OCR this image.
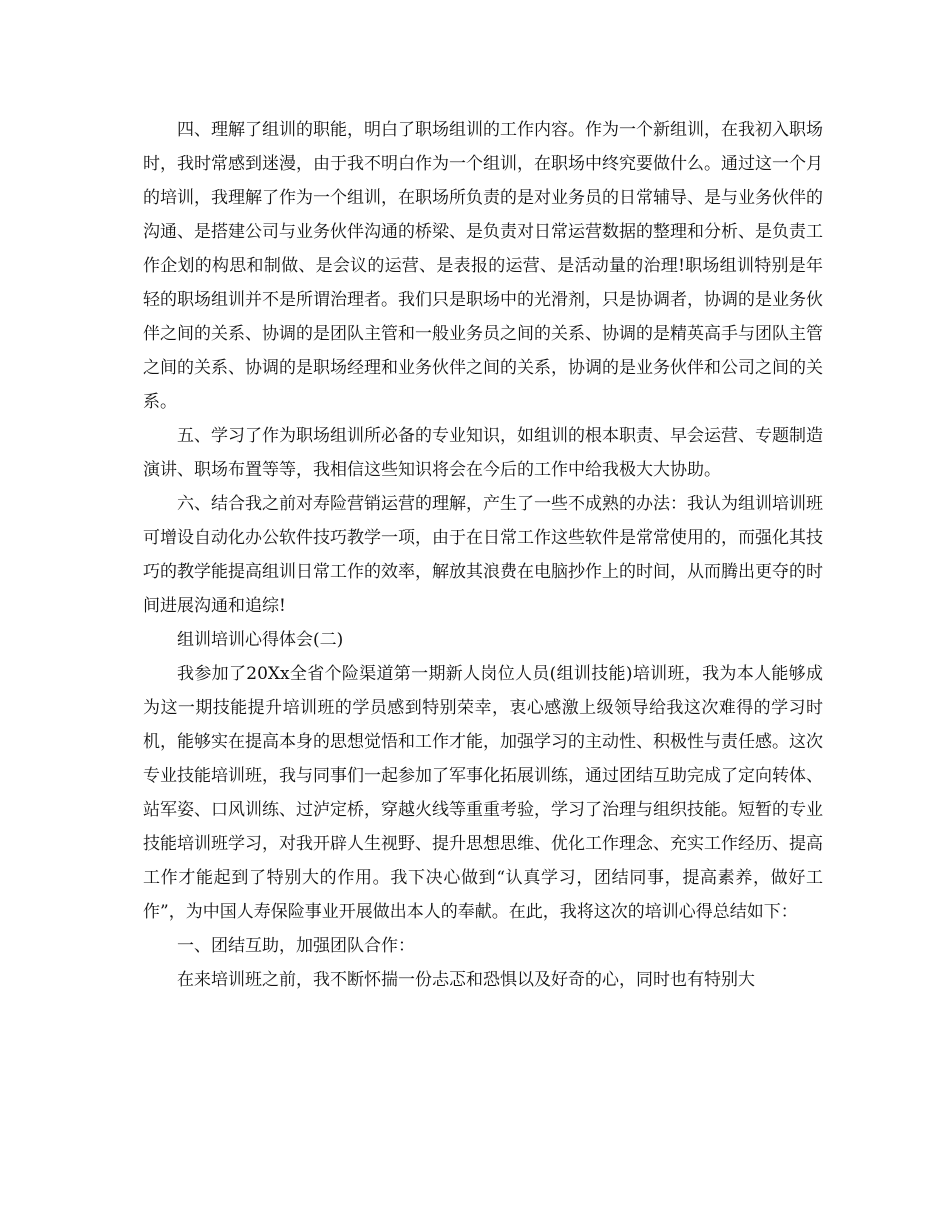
四、理解了组训的职能，明白了职场组训的工作内容。作为一个新组训，在我初入职场时，我时常感到迷漫，由于我不明白作为一个组训，在职场中终究要做什么。通过这一个月的培训，我理解了作为一个组训，在职场所负责的是对业务员的日常辅导、是与业务伙伴的沟通、是搭建公司与业务伙伴沟通的桥梁、是负责对日常运营数据的整理和分析、是负责工作企划的构思和制做、是会议的运营、是表报的运营、是活动量的治理!职场组训特别是年轻的职场组训并不是所谓治理者。我们只是职场中的光滑剂，只是协调者，协调的是业务伙伴之间的关系、协调的是团队主管和一般业务员之间的关系、协调的是精英高手与团队主管之间的关系、协调的是职场经理和业务伙伴之间的关系，协调的是业务伙伴和公司之间的关系。

五、学习了作为职场组训所必备的专业知识，如组训的根本职责、早会运营、专题制造演讲、职场布置等等，我相信这些知识将会在今后的工作中给我极大大协助。

六、结合我之前对寿险营销运营的理解，产生了一些不成熟的办法：我认为组训培训班可增设自动化办公软件技巧教学一项，由于在日常工作这些软件是常常使用的，而强化其技巧的教学能提高组训日常工作的效率，解放其浪费在电脑抄作上的时间，从而腾出更夺的时间进展沟通和追综!

组训培训心得体会(二)

我参加了20Xx全省个险渠道第一期新人岗位人员(组训技能)培训班，我为本人能够成为这一期技能提升培训班的学员感到特别荣幸，衷心感激上级领导给我这次难得的学习时机，能够实在提高本身的思想觉悟和工作才能，加强学习的主动性、积极性与责任感。这次专业技能培训班，我与同事们一起参加了军事化拓展训练，通过团结互助完成了定向转体、站军姿、口风训练、过泸定桥，穿越火线等重重考验，学习了治理与组织技能。短暂的专业技能培训班学习，对我开辟人生视野、提升思想思维、优化工作理念、充实工作经历、提高工作才能起到了特别大的作用。我下决心做到“认真学习，团结同事，提高素养，做好工作”，为中国人寿保险事业开展做出本人的奉献。在此，我将这次的培训心得总结如下：

一、团结互助，加强团队合作：

在来培训班之前，我不断怀揣一份忐忑和恐惧以及好奇的心，同时也有特别大
